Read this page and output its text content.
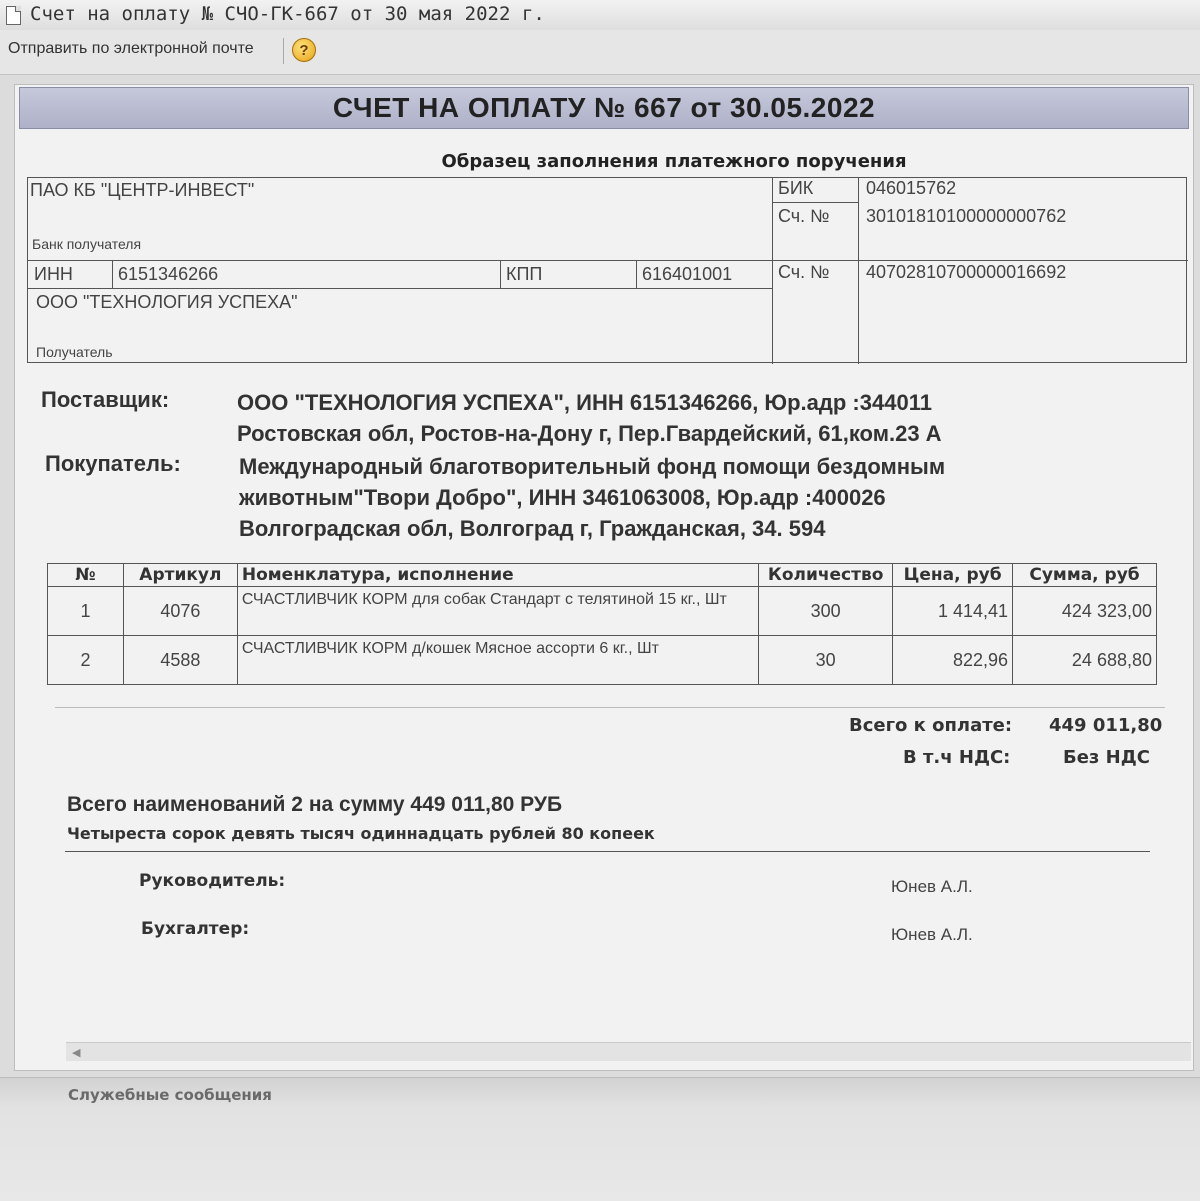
Счет на оплату № СЧО-ГК-667 от 30 мая 2022 г.
Отправить по электронной почте	?
СЧЕТ НА ОПЛАТУ № 667 от 30.05.2022
Образец заполнения платежного поручения
ПАО КБ "ЦЕНТР-ИНВЕСТ"
Банк получателя
БИК	046015762
Сч. № 30101810100000000762
ИНН	6151346266	КПП	616401001	Сч. № 40702810700000016692
ООО "ТЕХНОЛОГИЯ УСПЕХА"
Получатель
Поставщик:	ООО "ТЕХНОЛОГИЯ УСПЕХА", ИНН 6151346266, Юр.адр :344011
Ростовская обл, Ростов-на-Дону г, Пер.Гвардейский, 61,ком.23 А
Покупатель:	Международный благотворительный фонд помощи бездомным
животным"Твори Добро", ИНН 3461063008, Юр.адр :400026
Волгоградская обл, Волгоград г, Гражданская, 34. 594
№	Артикул	Номенклатура, исполнение	Количество	Цена, руб	Сумма, руб
1	4076	СЧАСТЛИВЧИК КОРМ для собак Стандарт с телятиной 15 кг., Шт	300	1 414,41	424 323,00
2	4588	СЧАСТЛИВЧИК КОРМ д/кошек Мясное ассорти 6 кг., Шт	30	822,96	24 688,80
Всего к оплате: 449 011,80
В т.ч НДС:	Без НДС
Всего наименований 2 на сумму 449 011,80 РУБ
Четыреста сорок девять тысяч одиннадцать рублей 80 копеек
Руководитель:	Юнев А.Л.
Бухгалтер:	Юнев А.Л.
◀
Служебные сообщения
